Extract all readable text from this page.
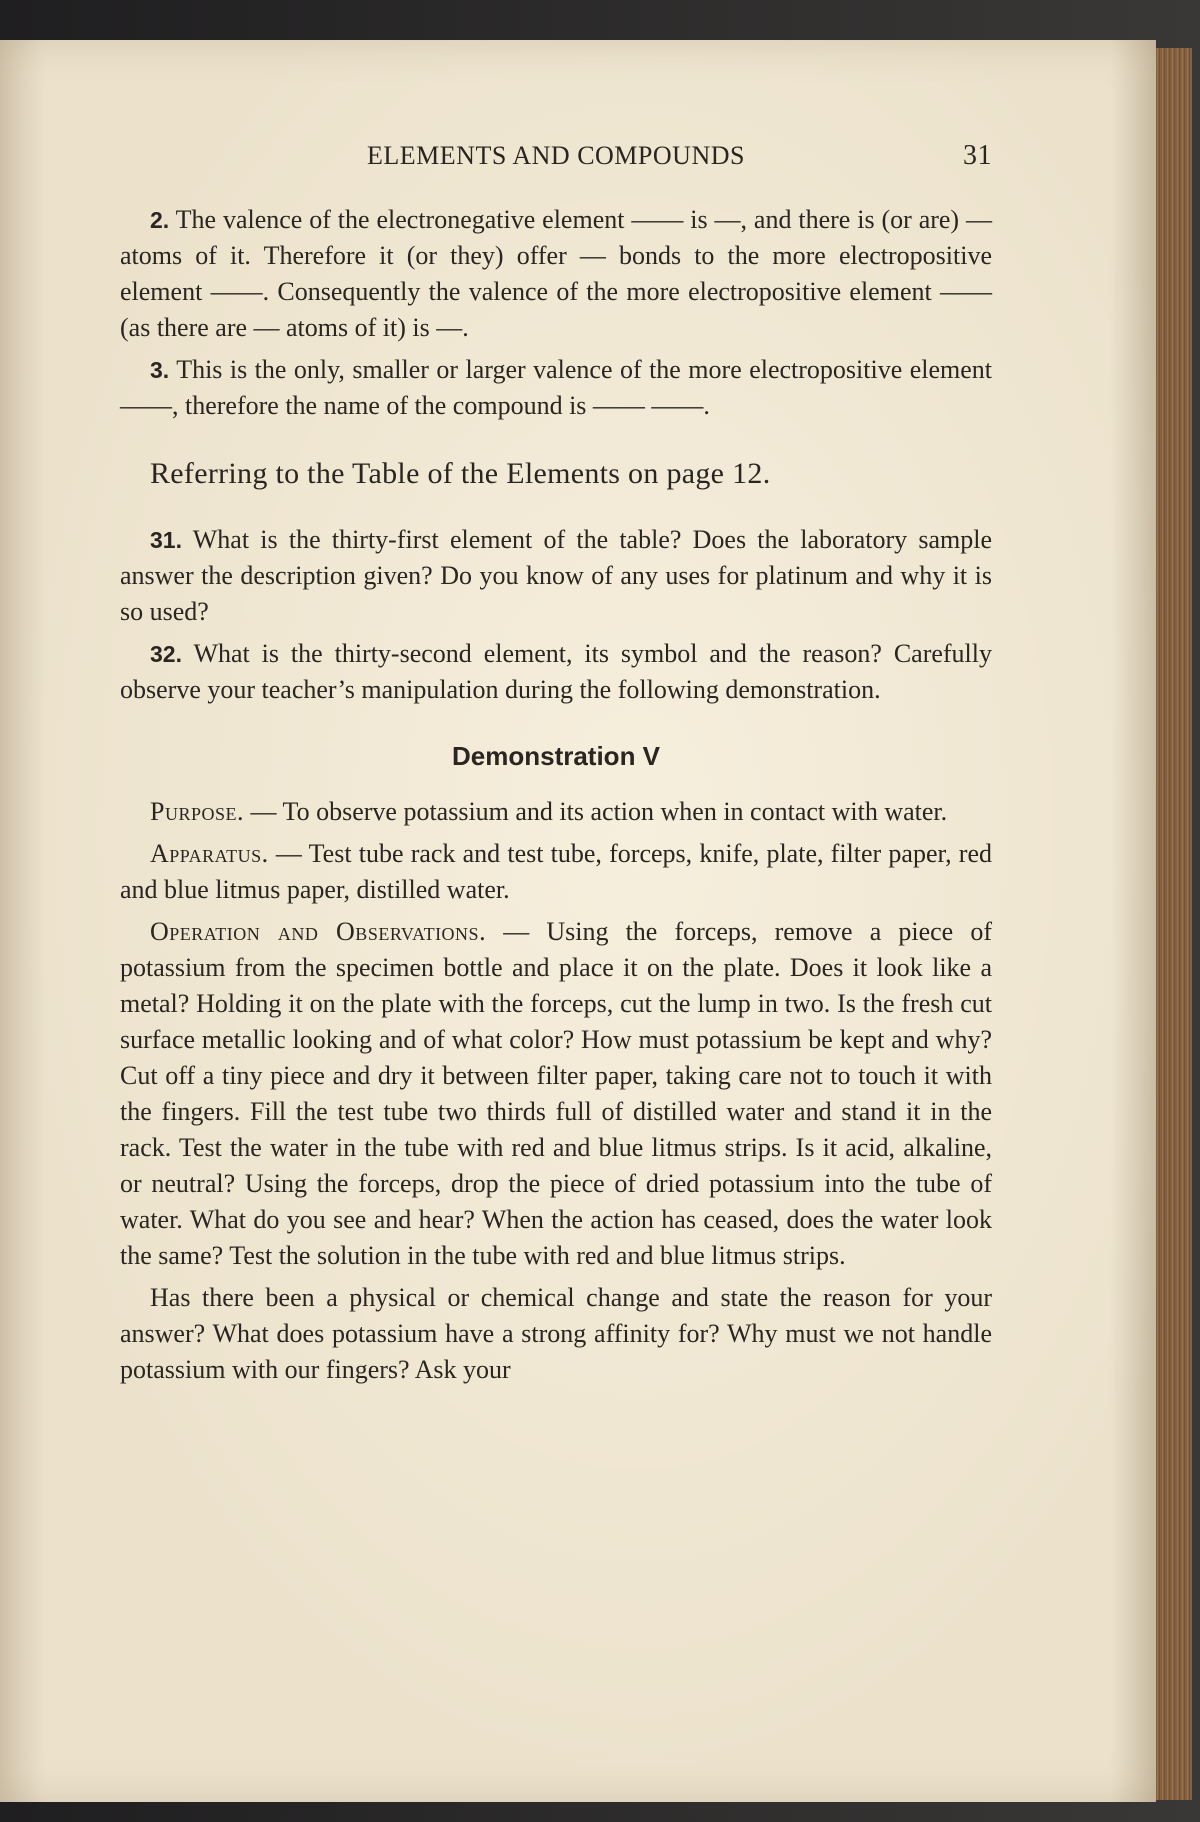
ELEMENTS AND COMPOUNDS	31

2. The valence of the electronegative element —— is —, and there is (or are) — atoms of it. Therefore it (or they) offer — bonds to the more electropositive element ——. Consequently the valence of the more electropositive element —— (as there are — atoms of it) is —.

3. This is the only, smaller or larger valence of the more electropositive element ——, therefore the name of the compound is —— ——.

Referring to the Table of the Elements on page 12.

31. What is the thirty-first element of the table? Does the laboratory sample answer the description given? Do you know of any uses for platinum and why it is so used?

32. What is the thirty-second element, its symbol and the reason? Carefully observe your teacher’s manipulation during the following demonstration.

Demonstration V

Purpose. — To observe potassium and its action when in contact with water.

Apparatus. — Test tube rack and test tube, forceps, knife, plate, filter paper, red and blue litmus paper, distilled water.

Operation and Observations. — Using the forceps, remove a piece of potassium from the specimen bottle and place it on the plate. Does it look like a metal? Holding it on the plate with the forceps, cut the lump in two. Is the fresh cut surface metallic looking and of what color? How must potassium be kept and why? Cut off a tiny piece and dry it between filter paper, taking care not to touch it with the fingers. Fill the test tube two thirds full of distilled water and stand it in the rack. Test the water in the tube with red and blue litmus strips. Is it acid, alkaline, or neutral? Using the forceps, drop the piece of dried potassium into the tube of water. What do you see and hear? When the action has ceased, does the water look the same? Test the solution in the tube with red and blue litmus strips.

Has there been a physical or chemical change and state the reason for your answer? What does potassium have a strong affinity for? Why must we not handle potassium with our fingers? Ask your
